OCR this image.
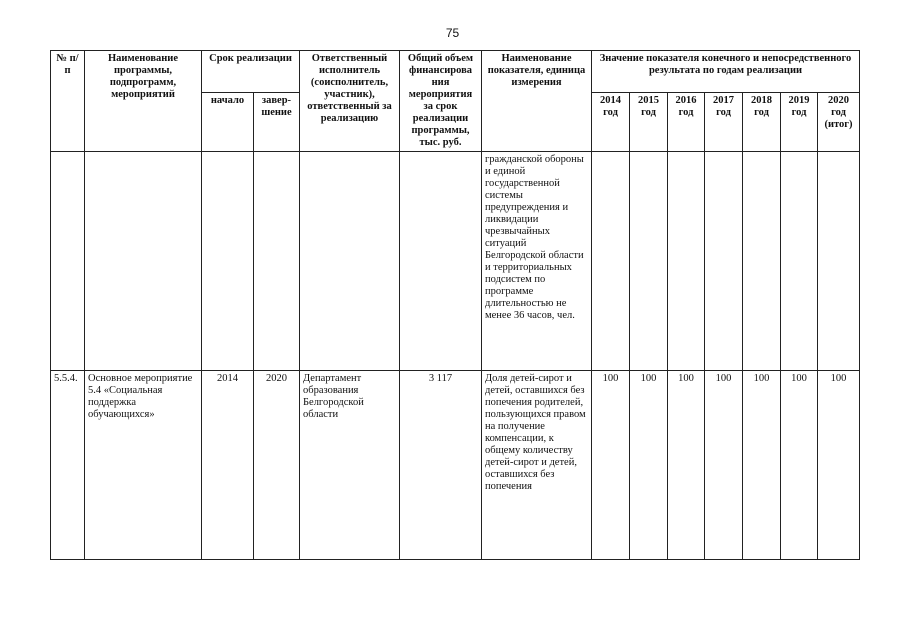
75
№ п/п	Наименование программы, подпрограмм, мероприятий	Срок реализации		Ответственный исполнитель (соисполнитель, участник), ответственный за реализацию	Общий объем финансирова ния мероприятия за срок реализации программы, тыс. руб.	Наименование показателя, единица измерения	Значение показателя конечного и непосредственного результата по годам реализации						
		начало	завер-шение				2014 год	2015 год	2016 год	2017 год	2018 год	2019 год	2020 год (итог)
						гражданской обороны и единой государственной системы предупреждения и ликвидации чрезвычайных ситуаций Белгородской области и территориальных подсистем по программе длительностью не менее 36 часов, чел.							
5.5.4.	Основное мероприятие 5.4 «Социальная поддержка обучающихся»	2014	2020	Департамент образования Белгородской области	3 117	Доля детей-сирот и детей, оставшихся без попечения родителей, пользующихся правом на получение компенсации, к общему количеству детей-сирот и детей, оставшихся без попечения	100	100	100	100	100	100	100
